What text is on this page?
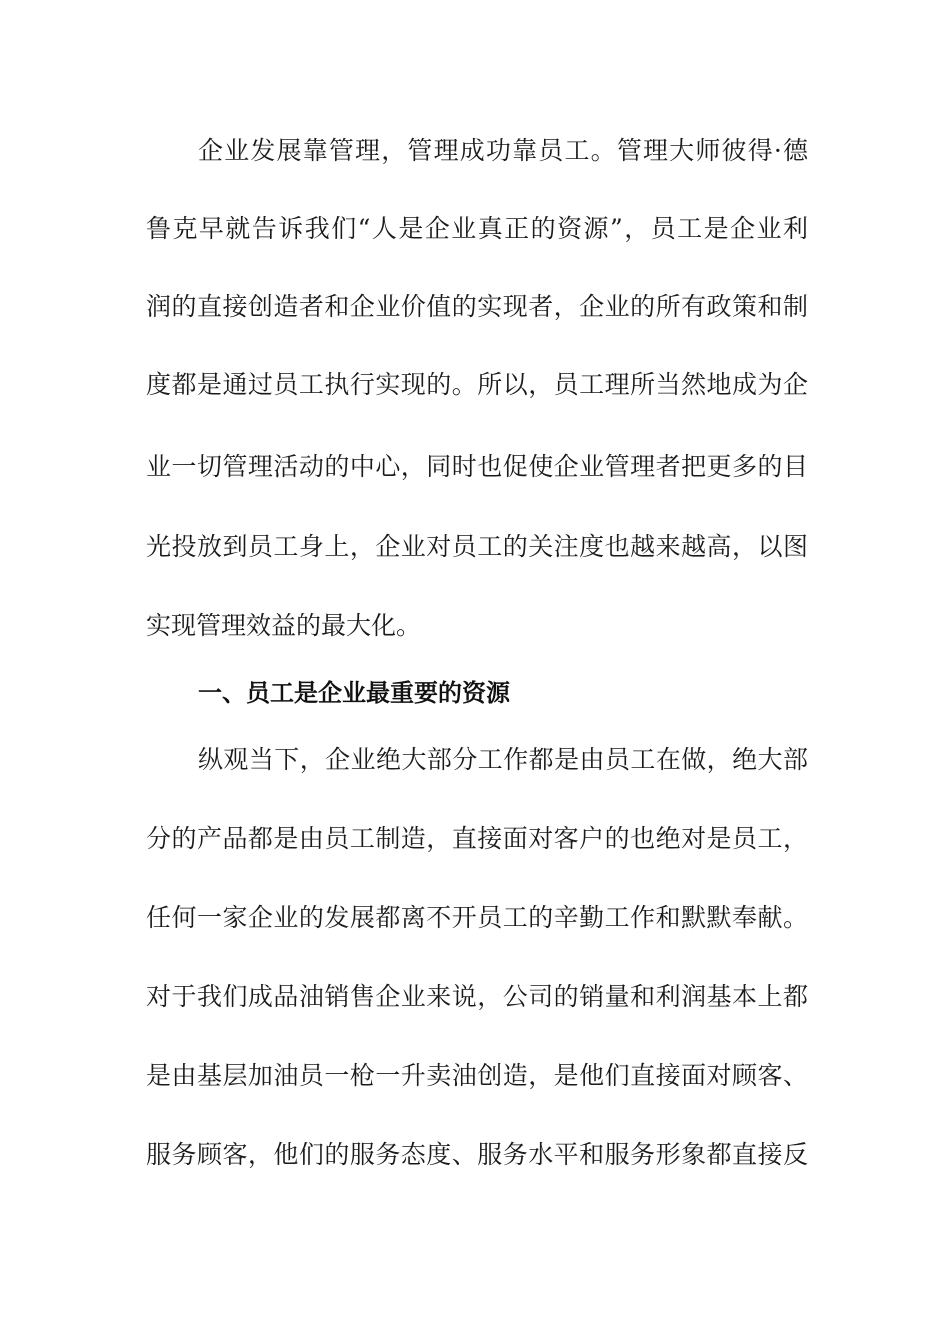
企业发展靠管理，管理成功靠员工。管理大师彼得·德
鲁克早就告诉我们“人是企业真正的资源”，员工是企业利
润的直接创造者和企业价值的实现者，企业的所有政策和制
度都是通过员工执行实现的。所以，员工理所当然地成为企
业一切管理活动的中心，同时也促使企业管理者把更多的目
光投放到员工身上，企业对员工的关注度也越来越高，以图
实现管理效益的最大化。
一、员工是企业最重要的资源
纵观当下，企业绝大部分工作都是由员工在做，绝大部
分的产品都是由员工制造，直接面对客户的也绝对是员工，
任何一家企业的发展都离不开员工的辛勤工作和默默奉献。
对于我们成品油销售企业来说，公司的销量和利润基本上都
是由基层加油员一枪一升卖油创造，是他们直接面对顾客、
服务顾客，他们的服务态度、服务水平和服务形象都直接反
